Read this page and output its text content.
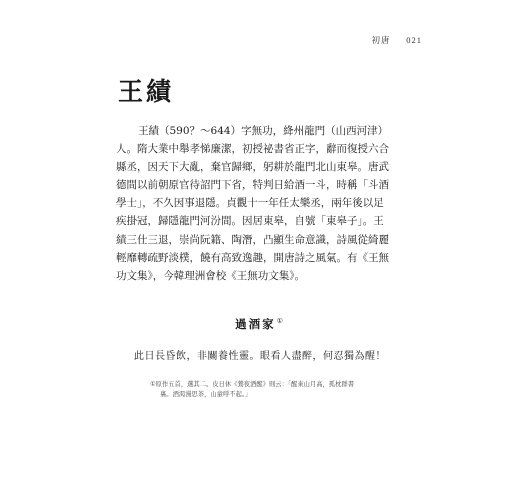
初唐 021
王績
王績（590？～644）字無功，絳州龍門（山西河津）
人。隋大業中舉孝悌廉潔，初授祕書省正字，辭而復授六合
縣丞，因天下大亂，棄官歸鄉，躬耕於龍門北山東皋。唐武
德間以前朝原官待詔門下省，特判日給酒一斗，時稱「斗酒
學士」，不久因事退隱。貞觀十一年任太樂丞，兩年後以足
疾掛冠，歸隱龍門河汾間。因居東皋，自號「東皋子」。王
績三仕三退，崇尚阮籍、陶潛，凸顯生命意識，詩風從綺麗
輕靡轉疏野淡樸，饒有高致逸趣，開唐詩之風氣。有《王無
功文集》，今韓理洲會校《王無功文集》。
過酒家①
此日長昏飲，非關養性靈。眼看人盡醉，何忍獨為醒！
①原作五首，選其二。皮日休《鶯夜酒醒》則云：「醒來山月高，孤枕群書
裏。酒渴漫思茶，山童呼不起。」
